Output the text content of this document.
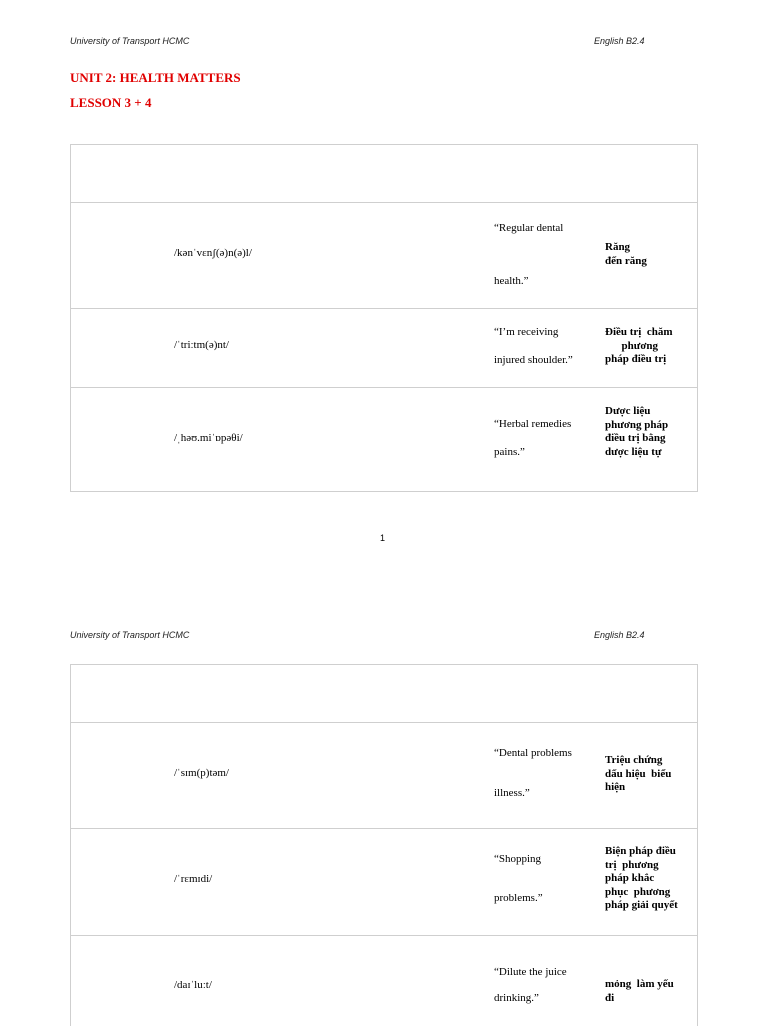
University of Transport HCMC	English B2.4
UNIT 2: HEALTH MATTERS
LESSON 3 + 4
/kənˈvɛnʃ(ə)n(ə)l/
“Regular dental
health.”
Răng
đến răng
/ˈtriːtm(ə)nt/
“I’m receiving
injured shoulder.”
Điều trị  chăm
phương
pháp điều trị
/ˌhəʊ.miˈɒpəθi/
“Herbal remedies
pains.”
Dược liệu
phương pháp
điều trị bằng
dược liệu tự
1
University of Transport HCMC	English B2.4
/ˈsɪm(p)təm/
“Dental problems
illness.”
Triệu chứng
dấu hiệu  biểu
hiện
/ˈrɛmɪdi/
“Shopping
problems.”
Biện pháp điều
trị  phương
pháp khắc
phục  phương
pháp giải quyết
/daɪˈluːt/
“Dilute the juice
drinking.”
mỏng  làm yếu
đi
